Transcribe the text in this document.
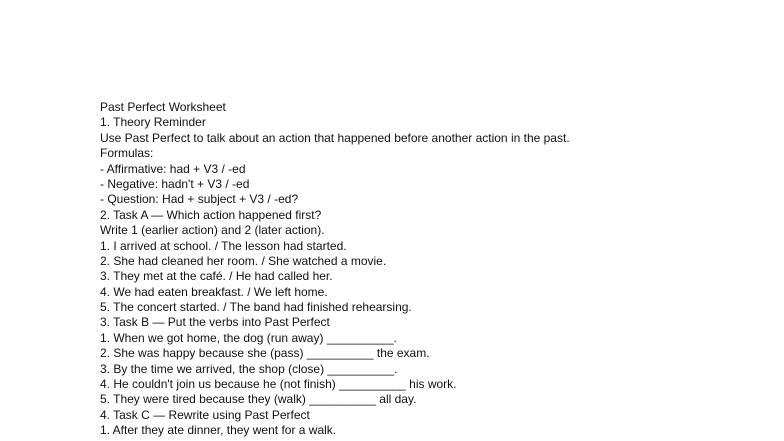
Past Perfect Worksheet
1. Theory Reminder
Use Past Perfect to talk about an action that happened before another action in the past.
Formulas:
- Affirmative: had + V3 / -ed
- Negative: hadn't + V3 / -ed
- Question: Had + subject + V3 / -ed?
2. Task A — Which action happened first?
Write 1 (earlier action) and 2 (later action).
1. I arrived at school. / The lesson had started.
2. She had cleaned her room. / She watched a movie.
3. They met at the café. / He had called her.
4. We had eaten breakfast. / We left home.
5. The concert started. / The band had finished rehearsing.
3. Task B — Put the verbs into Past Perfect
1. When we got home, the dog (run away) __________.
2. She was happy because she (pass) __________ the exam.
3. By the time we arrived, the shop (close) __________.
4. He couldn't join us because he (not finish) __________ his work.
5. They were tired because they (walk) __________ all day.
4. Task C — Rewrite using Past Perfect
1. After they ate dinner, they went for a walk.
